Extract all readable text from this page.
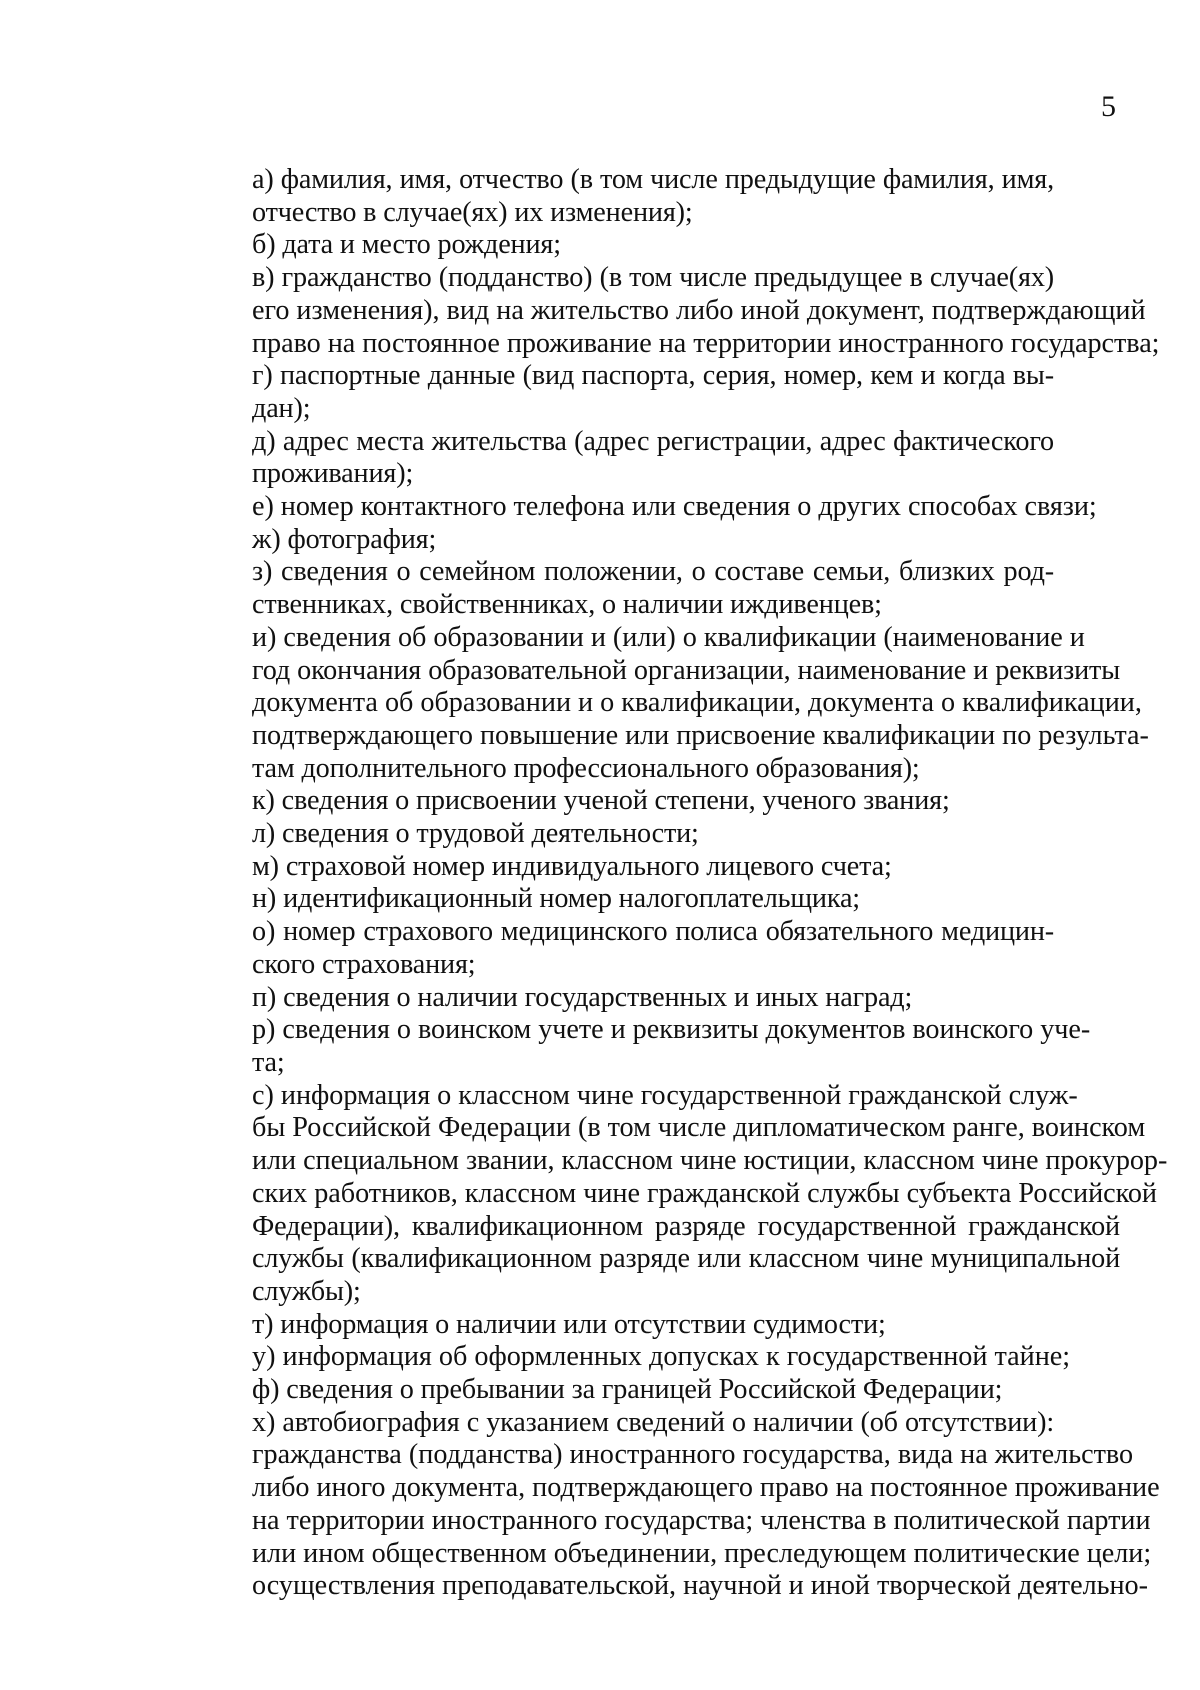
5

а) фамилия, имя, отчество (в том числе предыдущие фамилия, имя,
отчество в случае(ях) их изменения);

б) дата и место рождения;

в) гражданство (подданство) (в том числе предыдущее в случае(ях)
его изменения), вид на жительство либо иной документ, подтверждающий
право на постоянное проживание на территории иностранного государства;

г) паспортные данные (вид паспорта, серия, номер, кем и когда вы-
дан);

д) адрес места жительства (адрес регистрации, адрес фактического
проживания);

е) номер контактного телефона или сведения о других способах связи;

ж) фотография;

з) сведения о семейном положении, о составе семьи, близких род-
ственниках, свойственниках, о наличии иждивенцев;

и) сведения об образовании и (или) о квалификации (наименование и
год окончания образовательной организации, наименование и реквизиты
документа об образовании и о квалификации, документа о квалификации,
подтверждающего повышение или присвоение квалификации по результа-
там дополнительного профессионального образования);

к) сведения о присвоении ученой степени, ученого звания;

л) сведения о трудовой деятельности;

м) страховой номер индивидуального лицевого счета;

н) идентификационный номер налогоплательщика;

о) номер страхового медицинского полиса обязательного медицин-
ского страхования;

п) сведения о наличии государственных и иных наград;

р) сведения о воинском учете и реквизиты документов воинского уче-
та;

с) информация о классном чине государственной гражданской служ-
бы Российской Федерации (в том числе дипломатическом ранге, воинском
или специальном звании, классном чине юстиции, классном чине прокурор-
ских работников, классном чине гражданской службы субъекта Российской
Федерации), квалификационном разряде государственной гражданской
службы (квалификационном разряде или классном чине муниципальной
службы);

т) информация о наличии или отсутствии судимости;

у) информация об оформленных допусках к государственной тайне;

ф) сведения о пребывании за границей Российской Федерации;

х) автобиография с указанием сведений о наличии (об отсутствии):
гражданства (подданства) иностранного государства, вида на жительство
либо иного документа, подтверждающего право на постоянное проживание
на территории иностранного государства; членства в политической партии
или ином общественном объединении, преследующем политические цели;
осуществления преподавательской, научной и иной творческой деятельно-
